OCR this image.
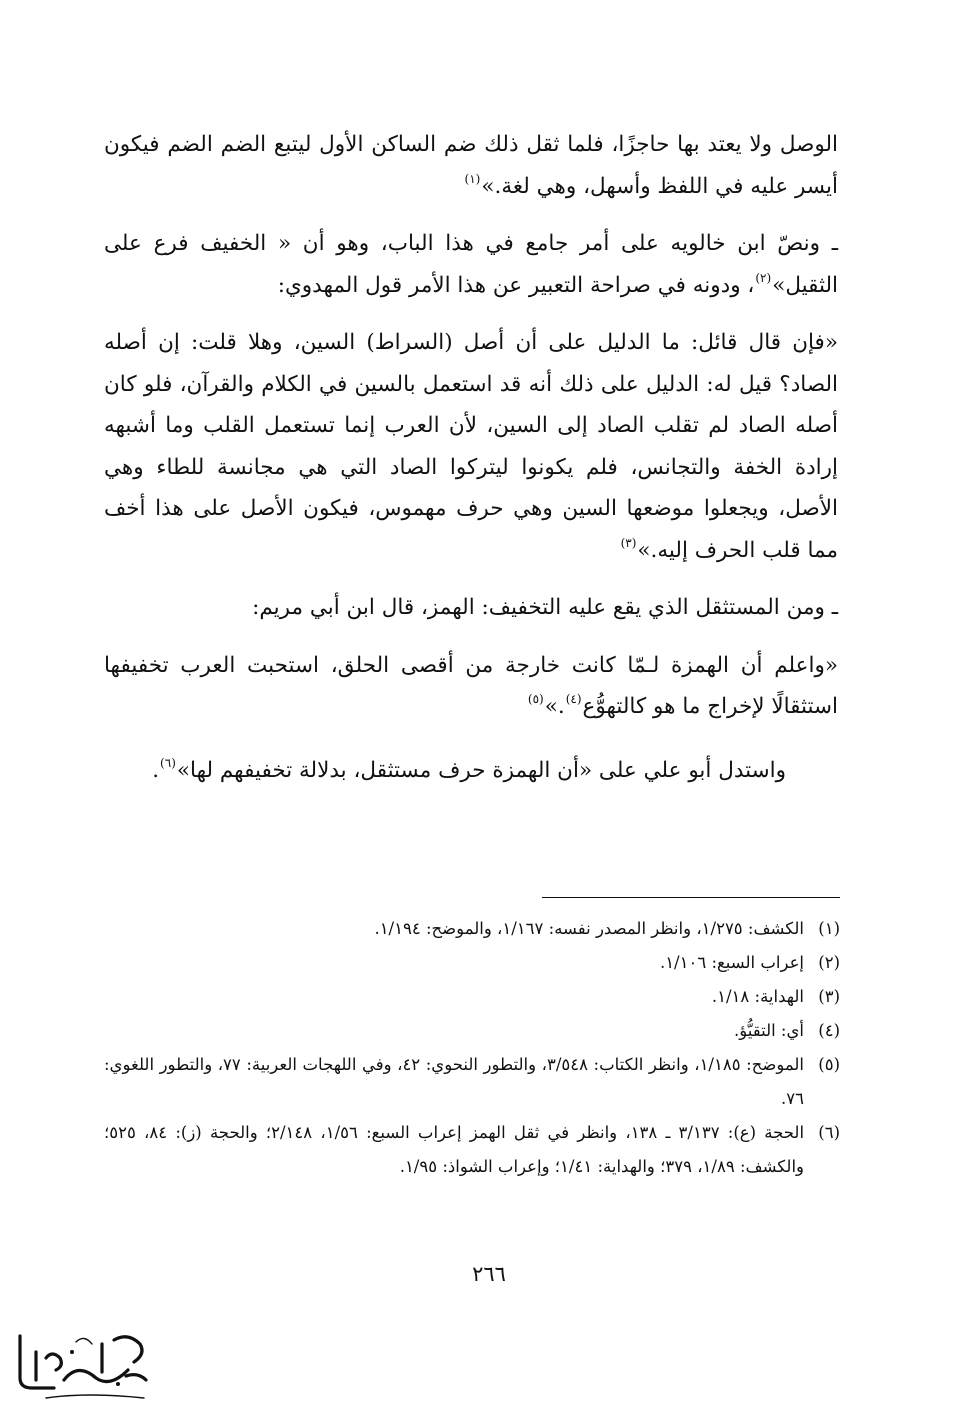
الوصل ولا يعتد بها حاجزًا، فلما ثقل ذلك ضم الساكن الأول ليتبع الضم الضم فيكون أيسر عليه في اللفظ وأسهل، وهي لغة.»$^{(١)}$

ـ ونصّ ابن خالويه على أمر جامع في هذا الباب، وهو أن « الخفيف فرع على الثقيل»$^{(٢)}$، ودونه في صراحة التعبير عن هذا الأمر قول المهدوي:

«فإن قال قائل: ما الدليل على أن أصل (السراط) السين، وهلا قلت: إن أصله الصاد؟ قيل له: الدليل على ذلك أنه قد استعمل بالسين في الكلام والقرآن، فلو كان أصله الصاد لم تقلب الصاد إلى السين، لأن العرب إنما تستعمل القلب وما أشبهه إرادة الخفة والتجانس، فلم يكونوا ليتركوا الصاد التي هي مجانسة للطاء وهي الأصل، ويجعلوا موضعها السين وهي حرف مهموس، فيكون الأصل على هذا أخف مما قلب الحرف إليه.»$^{(٣)}$

ـ ومن المستثقل الذي يقع عليه التخفيف: الهمز، قال ابن أبي مريم:

«واعلم أن الهمزة لـمّا كانت خارجة من أقصى الحلق، استحبت العرب تخفيفها استثقالًا لإخراج ما هو كالتهوُّع$^{(٤)}$.»$^{(٥)}$

واستدل أبو علي على «أن الهمزة حرف مستثقل، بدلالة تخفيفهم لها»$^{(٦)}$.

(١)
الكشف: ١/٢٧٥، وانظر المصدر نفسه: ١/١٦٧، والموضح: ١/١٩٤.
(٢)
إعراب السبع: ١/١٠٦.
(٣)
الهداية: ١/١٨.
(٤)
أي: التقيُّؤ.
(٥)
الموضح: ١/١٨٥، وانظر الكتاب: ٣/٥٤٨، والتطور النحوي: ٤٢، وفي اللهجات العربية: ٧٧، والتطور اللغوي: ٧٦.
(٦)
الحجة (ع): ٣/١٣٧ ـ ١٣٨، وانظر في ثقل الهمز إعراب السبع: ١/٥٦، ٢/١٤٨؛ والحجة (ز): ٨٤، ٥٢٥؛ والكشف: ١/٨٩، ٣٧٩؛ والهداية: ١/٤١؛ وإعراب الشواذ: ١/٩٥.
٢٦٦
